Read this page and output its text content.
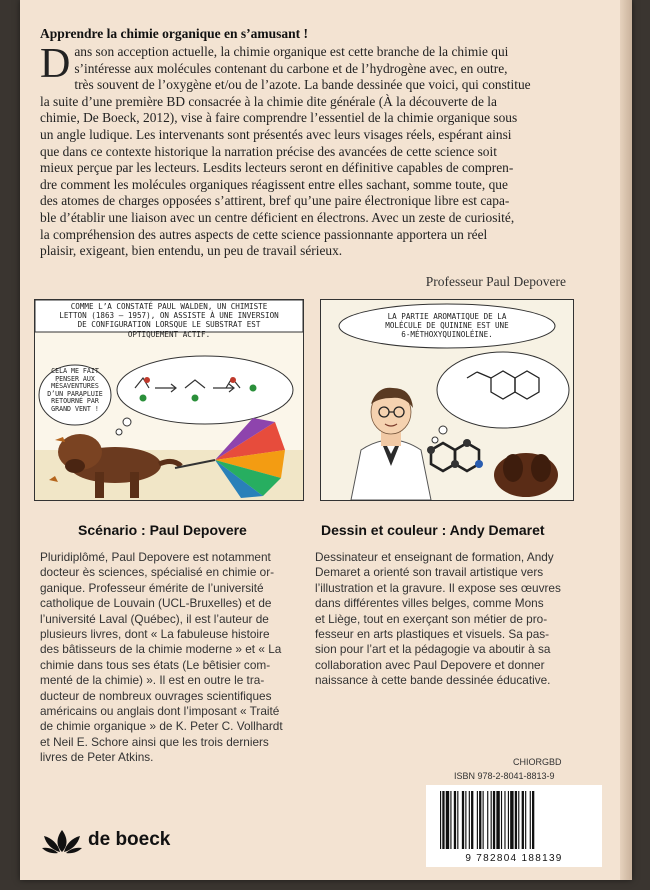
Apprendre la chimie organique en s’amusant !
D ans son acception actuelle, la chimie organique est cette branche de la chimie qui
s’intéresse aux molécules contenant du carbone et de l’hydrogène avec, en outre,
très souvent de l’oxygène et/ou de l’azote. La bande dessinée que voici, qui constitue
la suite d’une première BD consacrée à la chimie dite générale (À la découverte de la
chimie, De Boeck, 2012), vise à faire comprendre l’essentiel de la chimie organique sous
un angle ludique. Les intervenants sont présentés avec leurs visages réels, espérant ainsi
que dans ce contexte historique la narration précise des avancées de cette science soit
mieux perçue par les lecteurs. Lesdits lecteurs seront en définitive capables de compren-
dre comment les molécules organiques réagissent entre elles sachant, somme toute, que
des atomes de charges opposées s’attirent, bref qu’une paire électronique libre est capa-
ble d’établir une liaison avec un centre déficient en électrons. Avec un zeste de curiosité,
la compréhension des autres aspects de cette science passionnante apportera un réel
plaisir, exigeant, bien entendu, un peu de travail sérieux.
Professeur Paul Depovere
COMME L’A CONSTATÉ PAUL WALDEN, UN CHIMISTE
LETTON (1863 – 1957), ON ASSISTE À UNE INVERSION
DE CONFIGURATION LORSQUE LE SUBSTRAT EST
OPTIQUEMENT ACTIF.
CELA ME FAIT
PENSER AUX
MÉSAVENTURES
D’UN PARAPLUIE
RETOURNÉ PAR
GRAND VENT !
LA PARTIE AROMATIQUE DE LA
MOLÉCULE DE QUININE EST UNE
6-MÉTHOXYQUINOLÉINE.
Scénario : Paul Depovere	Dessin et couleur : Andy Demaret
Pluridiplômé, Paul Depovere est notamment
docteur ès sciences, spécialisé en chimie or-
ganique. Professeur émérite de l’université
catholique de Louvain (UCL-Bruxelles) et de
l’université Laval (Québec), il est l’auteur de
plusieurs livres, dont « La fabuleuse histoire
des bâtisseurs de la chimie moderne » et « La
chimie dans tous ses états (Le bêtisier com-
menté de la chimie) ». Il est en outre le tra-
ducteur de nombreux ouvrages scientifiques
américains ou anglais dont l’imposant « Traité
de chimie organique » de K. Peter C. Vollhardt
et Neil E. Schore ainsi que les trois derniers
livres de Peter Atkins.
Dessinateur et enseignant de formation, Andy
Demaret a orienté son travail artistique vers
l’illustration et la gravure. Il expose ses œuvres
dans différentes villes belges, comme Mons
et Liège, tout en exerçant son métier de pro-
fesseur en arts plastiques et visuels. Sa pas-
sion pour l’art et la pédagogie va aboutir à sa
collaboration avec Paul Depovere et donner
naissance à cette bande dessinée éducative.
de boeck
CHIORGBD
ISBN 978-2-8041-8813-9
9 782804 188139
